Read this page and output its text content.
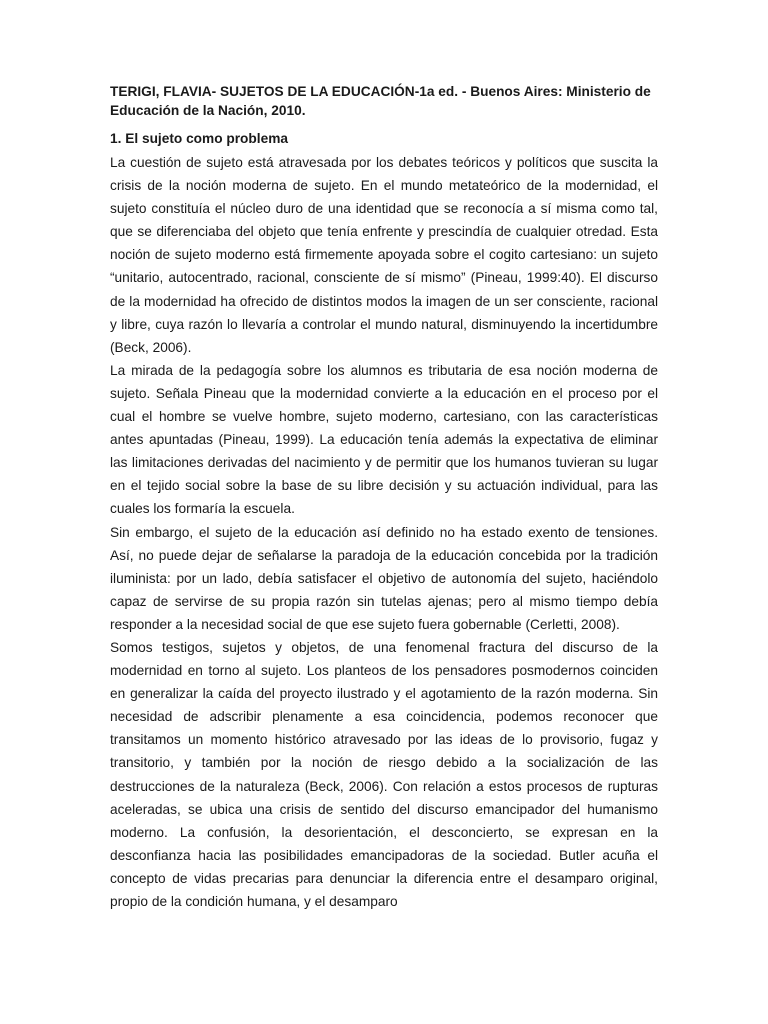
TERIGI, FLAVIA- SUJETOS DE LA EDUCACIÓN-1a ed. - Buenos Aires: Ministerio de Educación de la Nación, 2010.

1. El sujeto como problema

La cuestión de sujeto está atravesada por los debates teóricos y políticos que suscita la crisis de la noción moderna de sujeto. En el mundo metateórico de la modernidad, el sujeto constituía el núcleo duro de una identidad que se reconocía a sí misma como tal, que se diferenciaba del objeto que tenía enfrente y prescindía de cualquier otredad. Esta noción de sujeto moderno está firmemente apoyada sobre el cogito cartesiano: un sujeto “unitario, autocentrado, racional, consciente de sí mismo” (Pineau, 1999:40). El discurso de la modernidad ha ofrecido de distintos modos la imagen de un ser consciente, racional y libre, cuya razón lo llevaría a controlar el mundo natural, disminuyendo la incertidumbre (Beck, 2006).

La mirada de la pedagogía sobre los alumnos es tributaria de esa noción moderna de sujeto. Señala Pineau que la modernidad convierte a la educación en el proceso por el cual el hombre se vuelve hombre, sujeto moderno, cartesiano, con las características antes apuntadas (Pineau, 1999). La educación tenía además la expectativa de eliminar las limitaciones derivadas del nacimiento y de permitir que los humanos tuvieran su lugar en el tejido social sobre la base de su libre decisión y su actuación individual, para las cuales los formaría la escuela.

Sin embargo, el sujeto de la educación así definido no ha estado exento de tensiones. Así, no puede dejar de señalarse la paradoja de la educación concebida por la tradición iluminista: por un lado, debía satisfacer el objetivo de autonomía del sujeto, haciéndolo capaz de servirse de su propia razón sin tutelas ajenas; pero al mismo tiempo debía responder a la necesidad social de que ese sujeto fuera gobernable (Cerletti, 2008).

Somos testigos, sujetos y objetos, de una fenomenal fractura del discurso de la modernidad en torno al sujeto. Los planteos de los pensadores posmodernos coinciden en generalizar la caída del proyecto ilustrado y el agotamiento de la razón moderna. Sin necesidad de adscribir plenamente a esa coincidencia, podemos reconocer que transitamos un momento histórico atravesado por las ideas de lo provisorio, fugaz y transitorio, y también por la noción de riesgo debido a la socialización de las destrucciones de la naturaleza (Beck, 2006). Con relación a estos procesos de rupturas aceleradas, se ubica una crisis de sentido del discurso emancipador del humanismo moderno. La confusión, la desorientación, el desconcierto, se expresan en la desconfianza hacia las posibilidades emancipadoras de la sociedad. Butler acuña el concepto de vidas precarias para denunciar la diferencia entre el desamparo original, propio de la condición humana, y el desamparo
